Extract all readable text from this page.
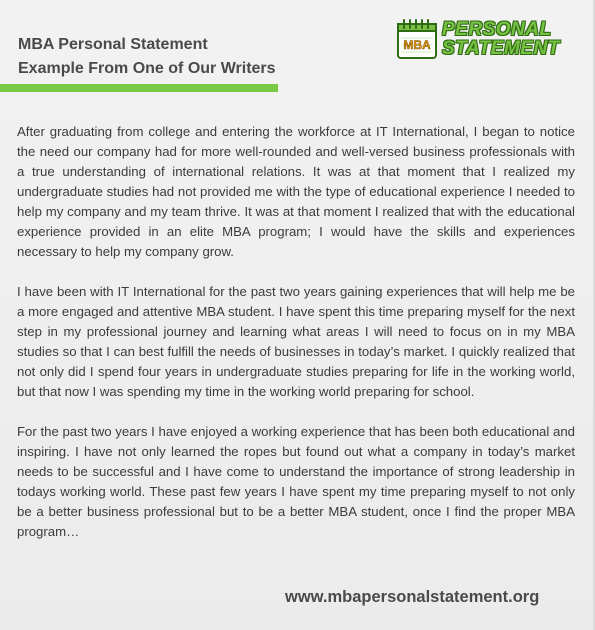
MBA Personal Statement
Example From One of Our Writers
MBA
PERSONAL
STATEMENT

After graduating from college and entering the workforce at IT International, I began to notice the need our company had for more well-rounded and well-versed business professionals with a true understanding of international relations. It was at that moment that I realized my undergraduate studies had not provided me with the type of educational experience I needed to help my company and my team thrive. It was at that moment I realized that with the educational experience provided in an elite MBA program; I would have the skills and experiences necessary to help my company grow.

I have been with IT International for the past two years gaining experiences that will help me be a more engaged and attentive MBA student. I have spent this time preparing myself for the next step in my professional journey and learning what areas I will need to focus on in my MBA studies so that I can best fulfill the needs of businesses in today’s market. I quickly realized that not only did I spend four years in undergraduate studies preparing for life in the working world, but that now I was spending my time in the working world preparing for school.

For the past two years I have enjoyed a working experience that has been both educational and inspiring. I have not only learned the ropes but found out what a company in today’s market needs to be successful and I have come to understand the importance of strong leadership in todays working world. These past few years I have spent my time preparing myself to not only be a better business professional but to be a better MBA student, once I find the proper MBA program…

www.mbapersonalstatement.org
